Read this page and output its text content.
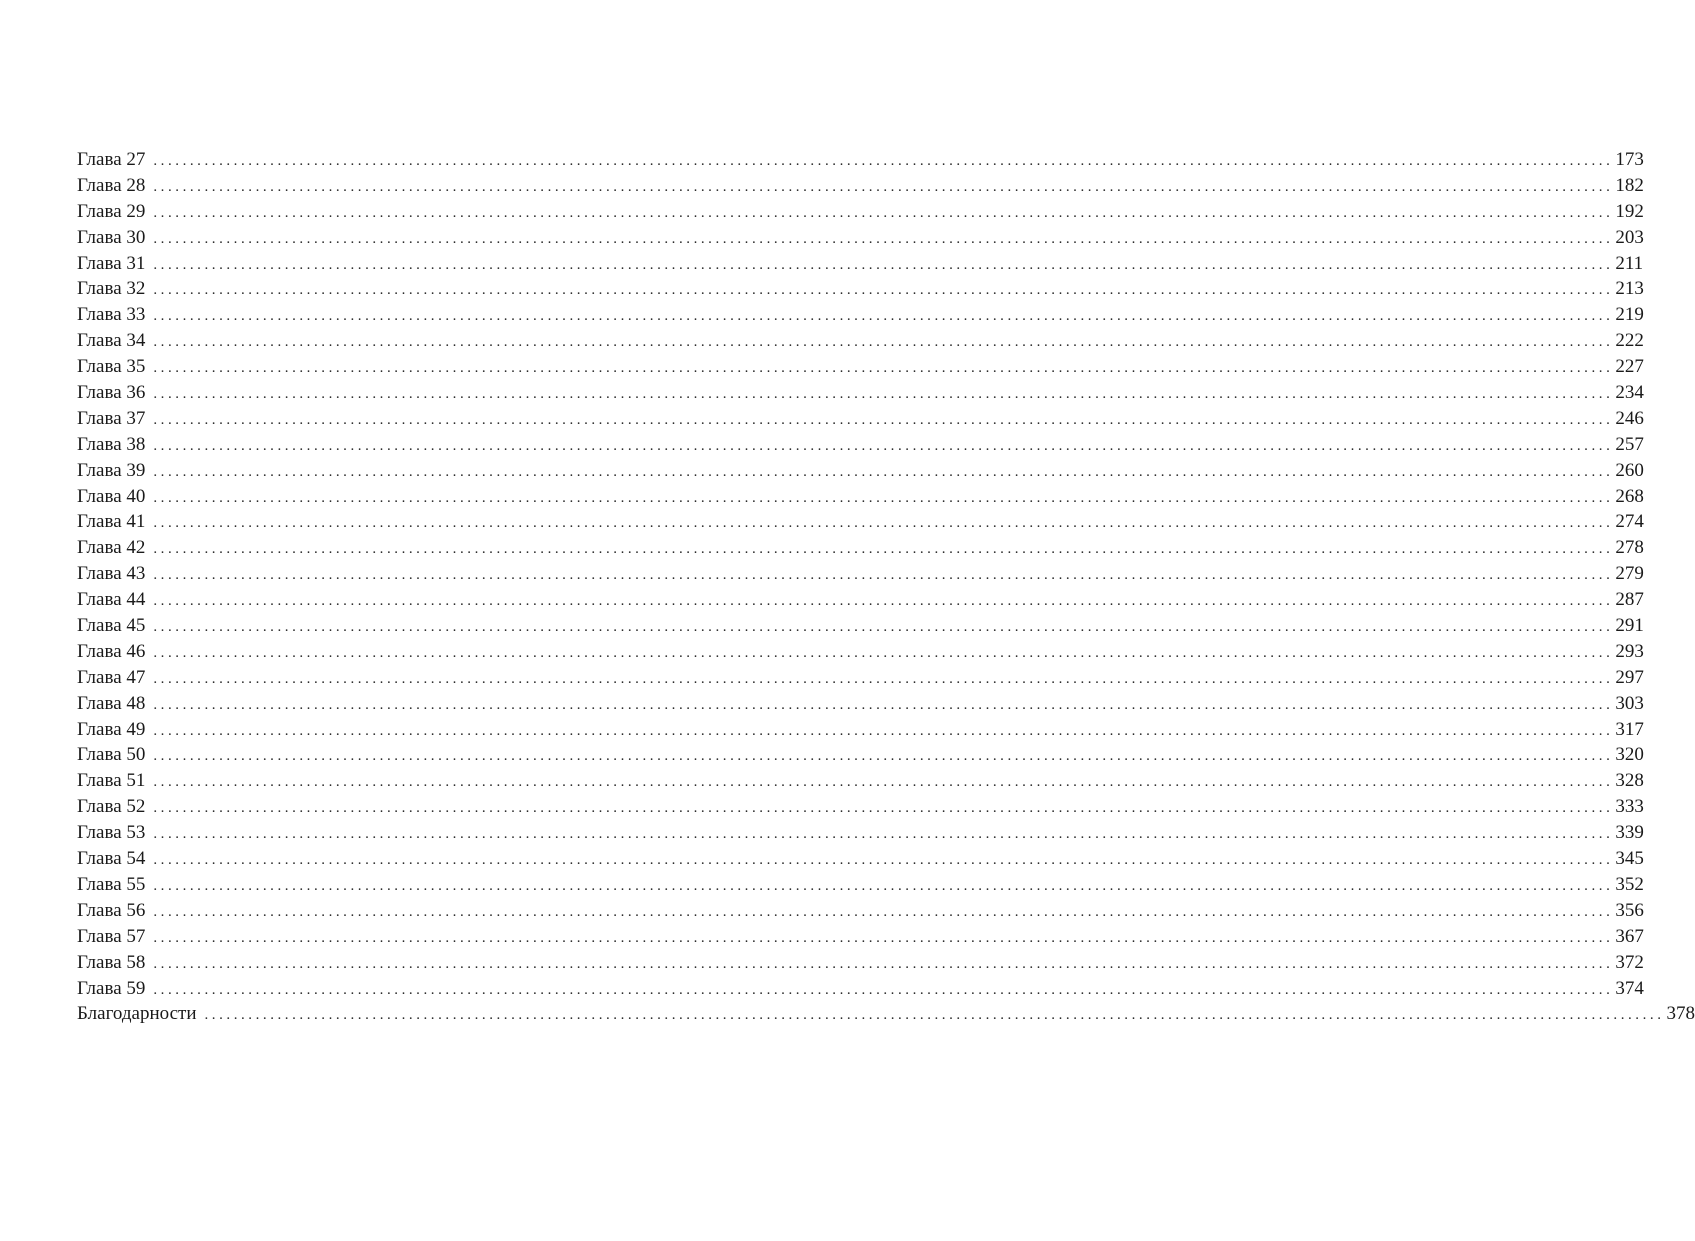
Глава 27 ........................................................................................................................................................................................................ 173
Глава 28 ........................................................................................................................................................................................................ 182
Глава 29 ........................................................................................................................................................................................................ 192
Глава 30 ........................................................................................................................................................................................................ 203
Глава 31 ........................................................................................................................................................................................................ 211
Глава 32 ........................................................................................................................................................................................................ 213
Глава 33 ........................................................................................................................................................................................................ 219
Глава 34 ........................................................................................................................................................................................................ 222
Глава 35 ........................................................................................................................................................................................................ 227
Глава 36 ........................................................................................................................................................................................................ 234
Глава 37 ........................................................................................................................................................................................................ 246
Глава 38 ........................................................................................................................................................................................................ 257
Глава 39 ........................................................................................................................................................................................................ 260
Глава 40 ........................................................................................................................................................................................................ 268
Глава 41 ........................................................................................................................................................................................................ 274
Глава 42 ........................................................................................................................................................................................................ 278
Глава 43 ........................................................................................................................................................................................................ 279
Глава 44 ........................................................................................................................................................................................................ 287
Глава 45 ........................................................................................................................................................................................................ 291
Глава 46 ........................................................................................................................................................................................................ 293
Глава 47 ........................................................................................................................................................................................................ 297
Глава 48 ........................................................................................................................................................................................................ 303
Глава 49 ........................................................................................................................................................................................................ 317
Глава 50 ........................................................................................................................................................................................................ 320
Глава 51 ........................................................................................................................................................................................................ 328
Глава 52 ........................................................................................................................................................................................................ 333
Глава 53 ........................................................................................................................................................................................................ 339
Глава 54 ........................................................................................................................................................................................................ 345
Глава 55 ........................................................................................................................................................................................................ 352
Глава 56 ........................................................................................................................................................................................................ 356
Глава 57 ........................................................................................................................................................................................................ 367
Глава 58 ........................................................................................................................................................................................................ 372
Глава 59 ........................................................................................................................................................................................................ 374
Благодарности ........................................................................................................................................................................................................ 378
